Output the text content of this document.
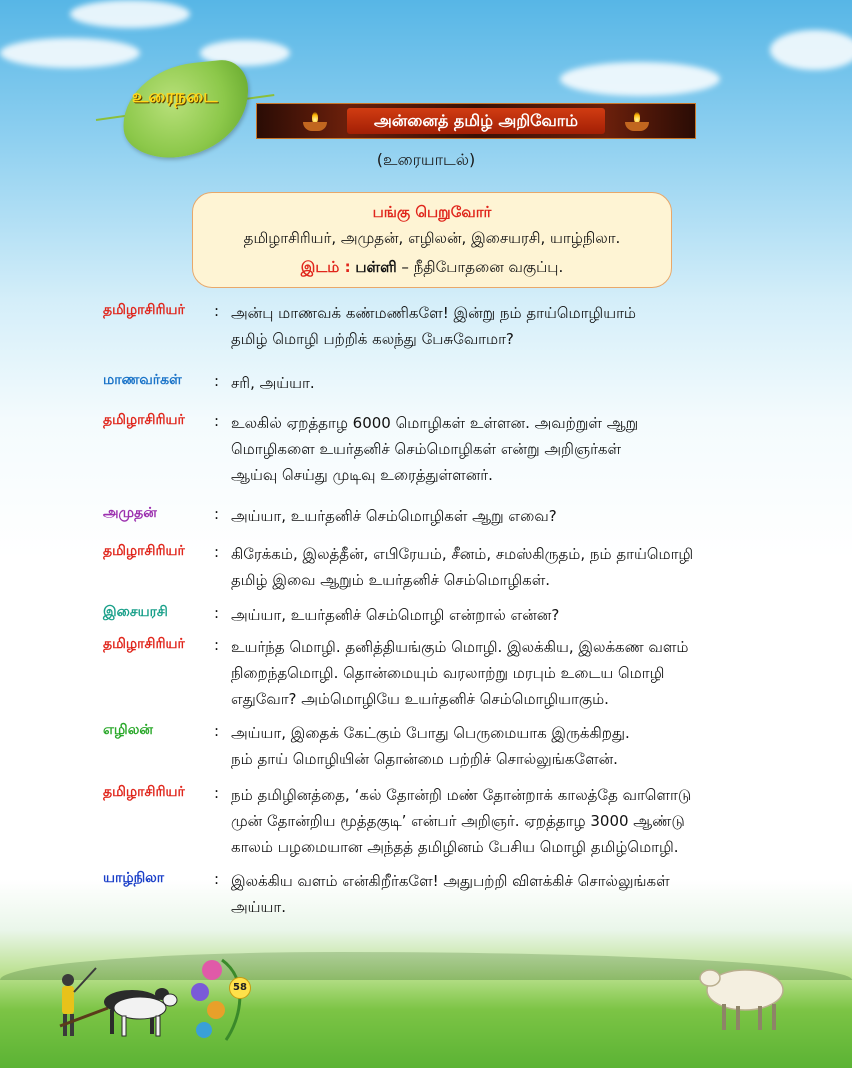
உரைநடை
அன்னைத் தமிழ் அறிவோம்
(உரையாடல்)
பங்கு பெறுவோர்
தமிழாசிரியர், அமுதன், எழிலன், இசையரசி, யாழ்நிலா.
இடம் : பள்ளி – நீதிபோதனை வகுப்பு.
தமிழாசிரியர்	: அன்பு மாணவக் கண்மணிகளே! இன்று நம் தாய்மொழியாம்
தமிழ் மொழி பற்றிக் கலந்து பேசுவோமா?
மாணவர்கள்	: சரி, அய்யா.
தமிழாசிரியர்	: உலகில் ஏறத்தாழ 6000 மொழிகள் உள்ளன. அவற்றுள் ஆறு
மொழிகளை உயர்தனிச் செம்மொழிகள் என்று அறிஞர்கள்
ஆய்வு செய்து முடிவு உரைத்துள்ளனர்.
அமுதன்	: அய்யா, உயர்தனிச் செம்மொழிகள் ஆறு எவை?
தமிழாசிரியர்	: கிரேக்கம், இலத்தீன், எபிரேயம், சீனம், சமஸ்கிருதம், நம் தாய்மொழி
தமிழ் இவை ஆறும் உயர்தனிச் செம்மொழிகள்.
இசையரசி	: அய்யா, உயர்தனிச் செம்மொழி என்றால் என்ன?
தமிழாசிரியர்	: உயர்ந்த மொழி. தனித்தியங்கும் மொழி. இலக்கிய, இலக்கண வளம்
நிறைந்தமொழி. தொன்மையும் வரலாற்று மரபும் உடைய மொழி
எதுவோ? அம்மொழியே உயர்தனிச் செம்மொழியாகும்.
எழிலன்	: அய்யா, இதைக் கேட்கும் போது பெருமையாக இருக்கிறது.
நம் தாய் மொழியின் தொன்மை பற்றிச் சொல்லுங்களேன்.
தமிழாசிரியர்	: நம் தமிழினத்தை, ‘கல் தோன்றி மண் தோன்றாக் காலத்தே வாளொடு
முன் தோன்றிய மூத்தகுடி’ என்பர் அறிஞர். ஏறத்தாழ 3000 ஆண்டு
காலம் பழமையான அந்தத் தமிழினம் பேசிய மொழி தமிழ்மொழி.
யாழ்நிலா	: இலக்கிய வளம் என்கிறீர்களே! அதுபற்றி விளக்கிச் சொல்லுங்கள்
அய்யா.
58
